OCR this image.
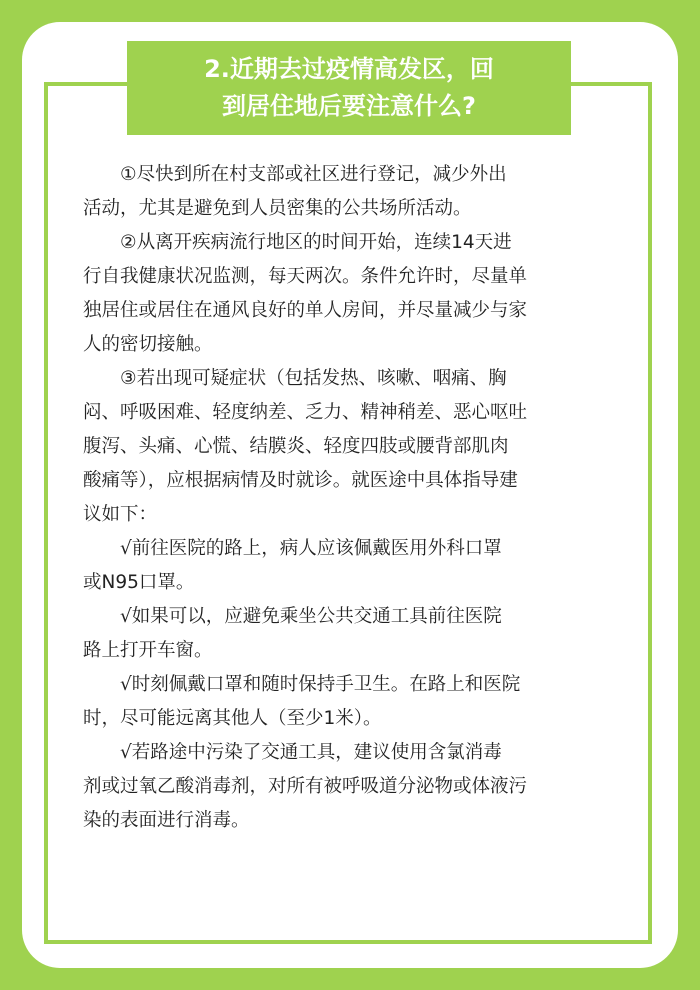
2.近期去过疫情高发区，回
到居住地后要注意什么?

①尽快到所在村支部或社区进行登记，减少外出
活动，尤其是避免到人员密集的公共场所活动。

②从离开疾病流行地区的时间开始，连续14天进
行自我健康状况监测，每天两次。条件允许时，尽量单
独居住或居住在通风良好的单人房间，并尽量减少与家
人的密切接触。

③若出现可疑症状（包括发热、咳嗽、咽痛、胸
闷、呼吸困难、轻度纳差、乏力、精神稍差、恶心呕吐
腹泻、头痛、心慌、结膜炎、轻度四肢或腰背部肌肉
酸痛等），应根据病情及时就诊。就医途中具体指导建
议如下：

√前往医院的路上，病人应该佩戴医用外科口罩
或N95口罩。

√如果可以，应避免乘坐公共交通工具前往医院
路上打开车窗。

√时刻佩戴口罩和随时保持手卫生。在路上和医院
时，尽可能远离其他人（至少1米）。

√若路途中污染了交通工具，建议使用含氯消毒
剂或过氧乙酸消毒剂，对所有被呼吸道分泌物或体液污
染的表面进行消毒。
